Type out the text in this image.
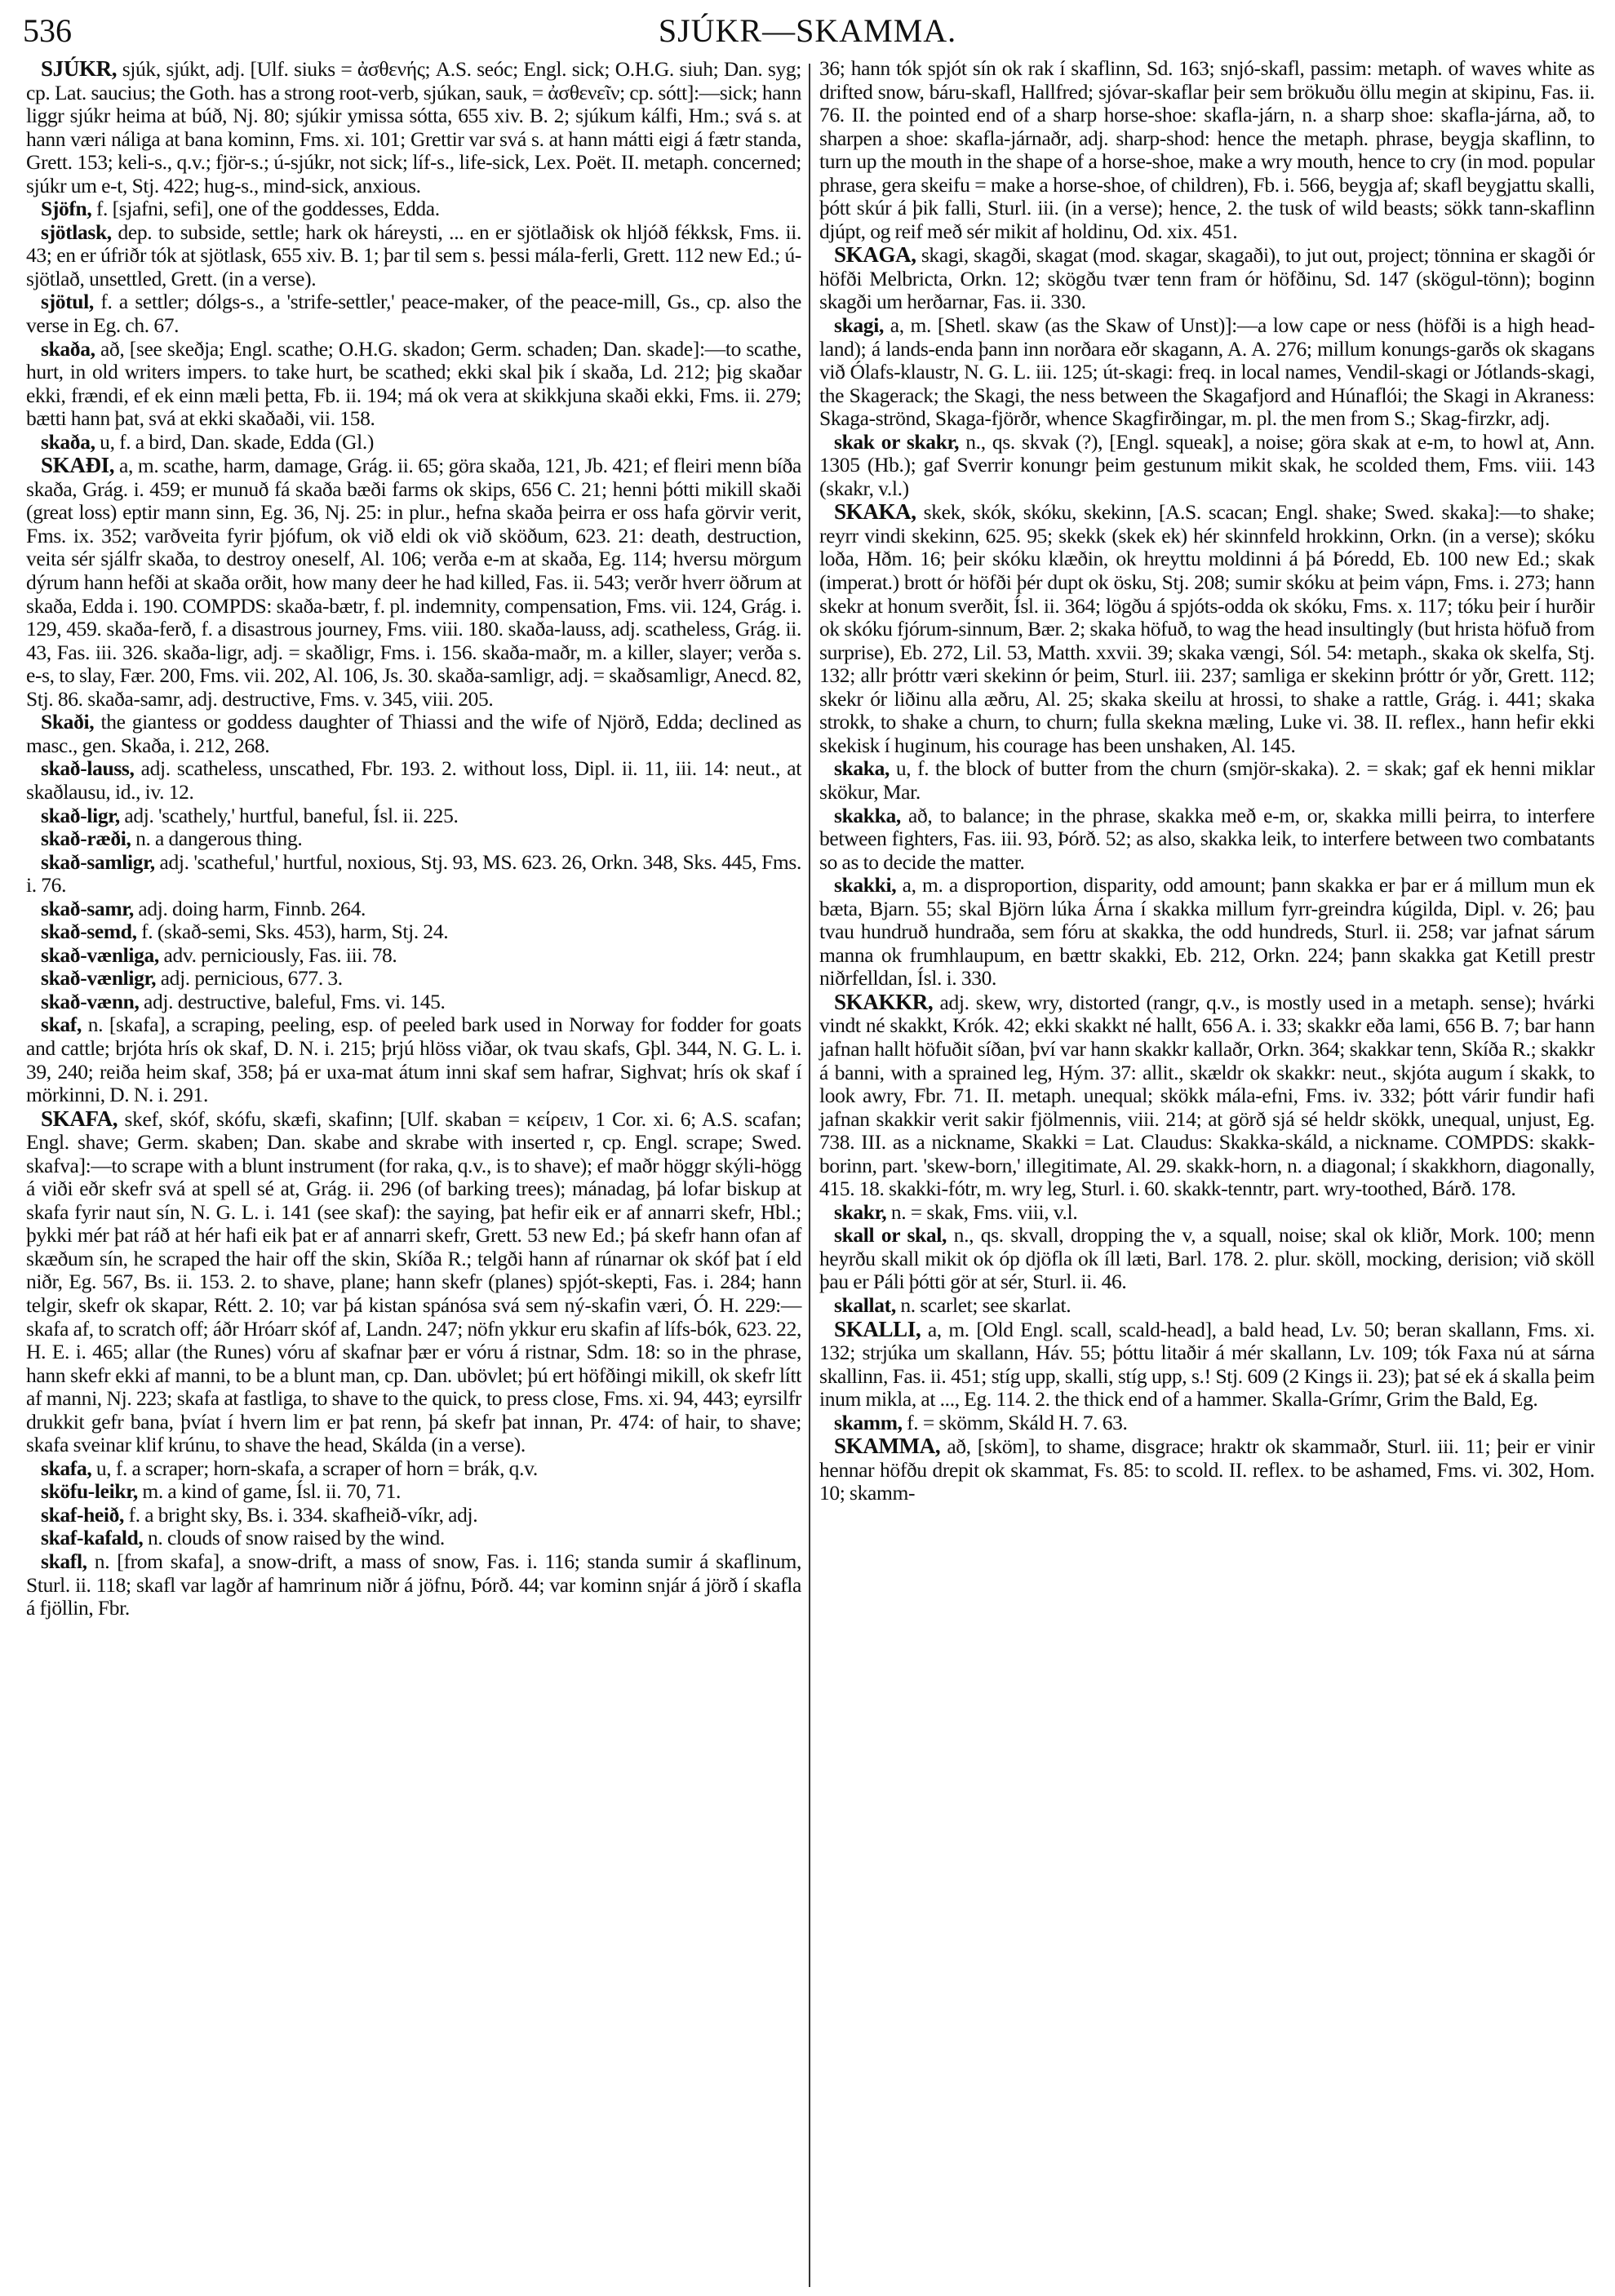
536	SJÚKR—SKAMMA.

SJÚKR, sjúk, sjúkt, adj. [Ulf. siuks = ἀσθενής; A.S. seóc; Engl. sick; O.H.G. siuh; Dan. syg; cp. Lat. saucius; the Goth. has a strong root-verb, sjúkan, sauk, = ἀσθενεῖν; cp. sótt]:—sick; hann liggr sjúkr heima at búð, Nj. 80; sjúkir ymissa sótta, 655 xiv. B. 2; sjúkum kálfi, Hm.; svá s. at hann væri náliga at bana kominn, Fms. xi. 101; Grettir var svá s. at hann mátti eigi á fætr standa, Grett. 153; keli-s., q.v.; fjör-s.; ú-sjúkr, not sick; líf-s., life-sick, Lex. Poët. II. metaph. concerned; sjúkr um e-t, Stj. 422; hug-s., mind-sick, anxious.

Sjöfn, f. [sjafni, sefi], one of the goddesses, Edda.

sjötlask, dep. to subside, settle; hark ok háreysti, ... en er sjötlaðisk ok hljóð fékksk, Fms. ii. 43; en er úfriðr tók at sjötlask, 655 xiv. B. 1; þar til sem s. þessi mála-ferli, Grett. 112 new Ed.; ú-sjötlað, unsettled, Grett. (in a verse).

sjötul, f. a settler; dólgs-s., a 'strife-settler,' peace-maker, of the peace-mill, Gs., cp. also the verse in Eg. ch. 67.

skaða, að, [see skeðja; Engl. scathe; O.H.G. skadon; Germ. schaden; Dan. skade]:—to scathe, hurt, in old writers impers. to take hurt, be scathed; ekki skal þik í skaða, Ld. 212; þig skaðar ekki, frændi, ef ek einn mæli þetta, Fb. ii. 194; má ok vera at skikkjuna skaði ekki, Fms. ii. 279; bætti hann þat, svá at ekki skaðaði, vii. 158.

skaða, u, f. a bird, Dan. skade, Edda (Gl.)

SKAÐI, a, m. scathe, harm, damage, Grág. ii. 65; göra skaða, 121, Jb. 421; ef fleiri menn bíða skaða, Grág. i. 459; er munuð fá skaða bæði farms ok skips, 656 C. 21; henni þótti mikill skaði (great loss) eptir mann sinn, Eg. 36, Nj. 25: in plur., hefna skaða þeirra er oss hafa görvir verit, Fms. ix. 352; varðveita fyrir þjófum, ok við eldi ok við sköðum, 623. 21: death, destruction, veita sér sjálfr skaða, to destroy oneself, Al. 106; verða e-m at skaða, Eg. 114; hversu mörgum dýrum hann hefði at skaða orðit, how many deer he had killed, Fas. ii. 543; verðr hverr öðrum at skaða, Edda i. 190. COMPDS: skaða-bætr, f. pl. indemnity, compensation, Fms. vii. 124, Grág. i. 129, 459. skaða-ferð, f. a disastrous journey, Fms. viii. 180. skaða-lauss, adj. scatheless, Grág. ii. 43, Fas. iii. 326. skaða-ligr, adj. = skaðligr, Fms. i. 156. skaða-maðr, m. a killer, slayer; verða s. e-s, to slay, Fær. 200, Fms. vii. 202, Al. 106, Js. 30. skaða-samligr, adj. = skaðsamligr, Anecd. 82, Stj. 86. skaða-samr, adj. destructive, Fms. v. 345, viii. 205.

Skaði, the giantess or goddess daughter of Thiassi and the wife of Njörð, Edda; declined as masc., gen. Skaða, i. 212, 268.

skað-lauss, adj. scatheless, unscathed, Fbr. 193. 2. without loss, Dipl. ii. 11, iii. 14: neut., at skaðlausu, id., iv. 12.

skað-ligr, adj. 'scathely,' hurtful, baneful, Ísl. ii. 225.

skað-ræði, n. a dangerous thing.

skað-samligr, adj. 'scatheful,' hurtful, noxious, Stj. 93, MS. 623. 26, Orkn. 348, Sks. 445, Fms. i. 76.

skað-samr, adj. doing harm, Finnb. 264.

skað-semd, f. (skað-semi, Sks. 453), harm, Stj. 24.

skað-vænliga, adv. perniciously, Fas. iii. 78.

skað-vænligr, adj. pernicious, 677. 3.

skað-vænn, adj. destructive, baleful, Fms. vi. 145.

skaf, n. [skafa], a scraping, peeling, esp. of peeled bark used in Norway for fodder for goats and cattle; brjóta hrís ok skaf, D. N. i. 215; þrjú hlöss viðar, ok tvau skafs, Gþl. 344, N. G. L. i. 39, 240; reiða heim skaf, 358; þá er uxa-mat átum inni skaf sem hafrar, Sighvat; hrís ok skaf í mörkinni, D. N. i. 291.

SKAFA, skef, skóf, skófu, skæfi, skafinn; [Ulf. skaban = κείρειν, 1 Cor. xi. 6; A.S. scafan; Engl. shave; Germ. skaben; Dan. skabe and skrabe with inserted r, cp. Engl. scrape; Swed. skafva]:—to scrape with a blunt instrument (for raka, q.v., is to shave); ef maðr höggr skýli-högg á viði eðr skefr svá at spell sé at, Grág. ii. 296 (of barking trees); mánadag, þá lofar biskup at skafa fyrir naut sín, N. G. L. i. 141 (see skaf): the saying, þat hefir eik er af annarri skefr, Hbl.; þykki mér þat ráð at hér hafi eik þat er af annarri skefr, Grett. 53 new Ed.; þá skefr hann ofan af skæðum sín, he scraped the hair off the skin, Skíða R.; telgði hann af rúnarnar ok skóf þat í eld niðr, Eg. 567, Bs. ii. 153. 2. to shave, plane; hann skefr (planes) spjót-skepti, Fas. i. 284; hann telgir, skefr ok skapar, Rétt. 2. 10; var þá kistan spánósa svá sem ný-skafin væri, Ó. H. 229:—skafa af, to scratch off; áðr Hróarr skóf af, Landn. 247; nöfn ykkur eru skafin af lífs-bók, 623. 22, H. E. i. 465; allar (the Runes) vóru af skafnar þær er vóru á ristnar, Sdm. 18: so in the phrase, hann skefr ekki af manni, to be a blunt man, cp. Dan. ubövlet; þú ert höfðingi mikill, ok skefr lítt af manni, Nj. 223; skafa at fastliga, to shave to the quick, to press close, Fms. xi. 94, 443; eyrsilfr drukkit gefr bana, þvíat í hvern lim er þat renn, þá skefr þat innan, Pr. 474: of hair, to shave; skafa sveinar klif krúnu, to shave the head, Skálda (in a verse).

skafa, u, f. a scraper; horn-skafa, a scraper of horn = brák, q.v.

sköfu-leikr, m. a kind of game, Ísl. ii. 70, 71.

skaf-heið, f. a bright sky, Bs. i. 334. skafheið-víkr, adj.

skaf-kafald, n. clouds of snow raised by the wind.

skafl, n. [from skafa], a snow-drift, a mass of snow, Fas. i. 116; standa sumir á skaflinum, Sturl. ii. 118; skafl var lagðr af hamrinum niðr á jöfnu, Þórð. 44; var kominn snjár á jörð í skafla á fjöllin, Fbr.

36; hann tók spjót sín ok rak í skaflinn, Sd. 163; snjó-skafl, passim: metaph. of waves white as drifted snow, báru-skafl, Hallfred; sjóvar-skaflar þeir sem brökuðu öllu megin at skipinu, Fas. ii. 76. II. the pointed end of a sharp horse-shoe: skafla-járn, n. a sharp shoe: skafla-járna, að, to sharpen a shoe: skafla-járnaðr, adj. sharp-shod: hence the metaph. phrase, beygja skaflinn, to turn up the mouth in the shape of a horse-shoe, make a wry mouth, hence to cry (in mod. popular phrase, gera skeifu = make a horse-shoe, of children), Fb. i. 566, beygja af; skafl beygjattu skalli, þótt skúr á þik falli, Sturl. iii. (in a verse); hence, 2. the tusk of wild beasts; sökk tann-skaflinn djúpt, og reif með sér mikit af holdinu, Od. xix. 451.

SKAGA, skagi, skagði, skagat (mod. skagar, skagaði), to jut out, project; tönnina er skagði ór höfði Melbricta, Orkn. 12; skögðu tvær tenn fram ór höfðinu, Sd. 147 (skögul-tönn); boginn skagði um herðarnar, Fas. ii. 330.

skagi, a, m. [Shetl. skaw (as the Skaw of Unst)]:—a low cape or ness (höfði is a high head-land); á lands-enda þann inn norðara eðr skagann, A. A. 276; millum konungs-garðs ok skagans við Ólafs-klaustr, N. G. L. iii. 125; út-skagi: freq. in local names, Vendil-skagi or Jótlands-skagi, the Skagerack; the Skagi, the ness between the Skagafjord and Húnaflói; the Skagi in Akraness: Skaga-strönd, Skaga-fjörðr, whence Skagfirðingar, m. pl. the men from S.; Skag-firzkr, adj.

skak or skakr, n., qs. skvak (?), [Engl. squeak], a noise; göra skak at e-m, to howl at, Ann. 1305 (Hb.); gaf Sverrir konungr þeim gestunum mikit skak, he scolded them, Fms. viii. 143 (skakr, v.l.)

SKAKA, skek, skók, skóku, skekinn, [A.S. scacan; Engl. shake; Swed. skaka]:—to shake; reyrr vindi skekinn, 625. 95; skekk (skek ek) hér skinnfeld hrokkinn, Orkn. (in a verse); skóku loða, Hðm. 16; þeir skóku klæðin, ok hreyttu moldinni á þá Þóredd, Eb. 100 new Ed.; skak (imperat.) brott ór höfði þér dupt ok ösku, Stj. 208; sumir skóku at þeim vápn, Fms. i. 273; hann skekr at honum sverðit, Ísl. ii. 364; lögðu á spjóts-odda ok skóku, Fms. x. 117; tóku þeir í hurðir ok skóku fjórum-sinnum, Bær. 2; skaka höfuð, to wag the head insultingly (but hrista höfuð from surprise), Eb. 272, Lil. 53, Matth. xxvii. 39; skaka vængi, Sól. 54: metaph., skaka ok skelfa, Stj. 132; allr þróttr væri skekinn ór þeim, Sturl. iii. 237; samliga er skekinn þróttr ór yðr, Grett. 112; skekr ór liðinu alla æðru, Al. 25; skaka skeilu at hrossi, to shake a rattle, Grág. i. 441; skaka strokk, to shake a churn, to churn; fulla skekna mæling, Luke vi. 38. II. reflex., hann hefir ekki skekisk í huginum, his courage has been unshaken, Al. 145.

skaka, u, f. the block of butter from the churn (smjör-skaka). 2. = skak; gaf ek henni miklar skökur, Mar.

skakka, að, to balance; in the phrase, skakka með e-m, or, skakka milli þeirra, to interfere between fighters, Fas. iii. 93, Þórð. 52; as also, skakka leik, to interfere between two combatants so as to decide the matter.

skakki, a, m. a disproportion, disparity, odd amount; þann skakka er þar er á millum mun ek bæta, Bjarn. 55; skal Björn lúka Árna í skakka millum fyrr-greindra kúgilda, Dipl. v. 26; þau tvau hundruð hundraða, sem fóru at skakka, the odd hundreds, Sturl. ii. 258; var jafnat sárum manna ok frumhlaupum, en bættr skakki, Eb. 212, Orkn. 224; þann skakka gat Ketill prestr niðrfelldan, Ísl. i. 330.

SKAKKR, adj. skew, wry, distorted (rangr, q.v., is mostly used in a metaph. sense); hvárki vindt né skakkt, Krók. 42; ekki skakkt né hallt, 656 A. i. 33; skakkr eða lami, 656 B. 7; bar hann jafnan hallt höfuðit síðan, því var hann skakkr kallaðr, Orkn. 364; skakkar tenn, Skíða R.; skakkr á banni, with a sprained leg, Hým. 37: allit., skældr ok skakkr: neut., skjóta augum í skakk, to look awry, Fbr. 71. II. metaph. unequal; skökk mála-efni, Fms. iv. 332; þótt várir fundir hafi jafnan skakkir verit sakir fjölmennis, viii. 214; at görð sjá sé heldr skökk, unequal, unjust, Eg. 738. III. as a nickname, Skakki = Lat. Claudus: Skakka-skáld, a nickname. COMPDS: skakk-borinn, part. 'skew-born,' illegitimate, Al. 29. skakk-horn, n. a diagonal; í skakkhorn, diagonally, 415. 18. skakki-fótr, m. wry leg, Sturl. i. 60. skakk-tenntr, part. wry-toothed, Bárð. 178.

skakr, n. = skak, Fms. viii, v.l.

skall or skal, n., qs. skvall, dropping the v, a squall, noise; skal ok kliðr, Mork. 100; menn heyrðu skall mikit ok óp djöfla ok íll læti, Barl. 178. 2. plur. sköll, mocking, derision; við sköll þau er Páli þótti gör at sér, Sturl. ii. 46.

skallat, n. scarlet; see skarlat.

SKALLI, a, m. [Old Engl. scall, scald-head], a bald head, Lv. 50; beran skallann, Fms. xi. 132; strjúka um skallann, Háv. 55; þóttu litaðir á mér skallann, Lv. 109; tók Faxa nú at sárna skallinn, Fas. ii. 451; stíg upp, skalli, stíg upp, s.! Stj. 609 (2 Kings ii. 23); þat sé ek á skalla þeim inum mikla, at ..., Eg. 114. 2. the thick end of a hammer. Skalla-Grímr, Grim the Bald, Eg.

skamm, f. = skömm, Skáld H. 7. 63.

SKAMMA, að, [sköm], to shame, disgrace; hraktr ok skammaðr, Sturl. iii. 11; þeir er vinir hennar höfðu drepit ok skammat, Fs. 85: to scold. II. reflex. to be ashamed, Fms. vi. 302, Hom. 10; skamm-
